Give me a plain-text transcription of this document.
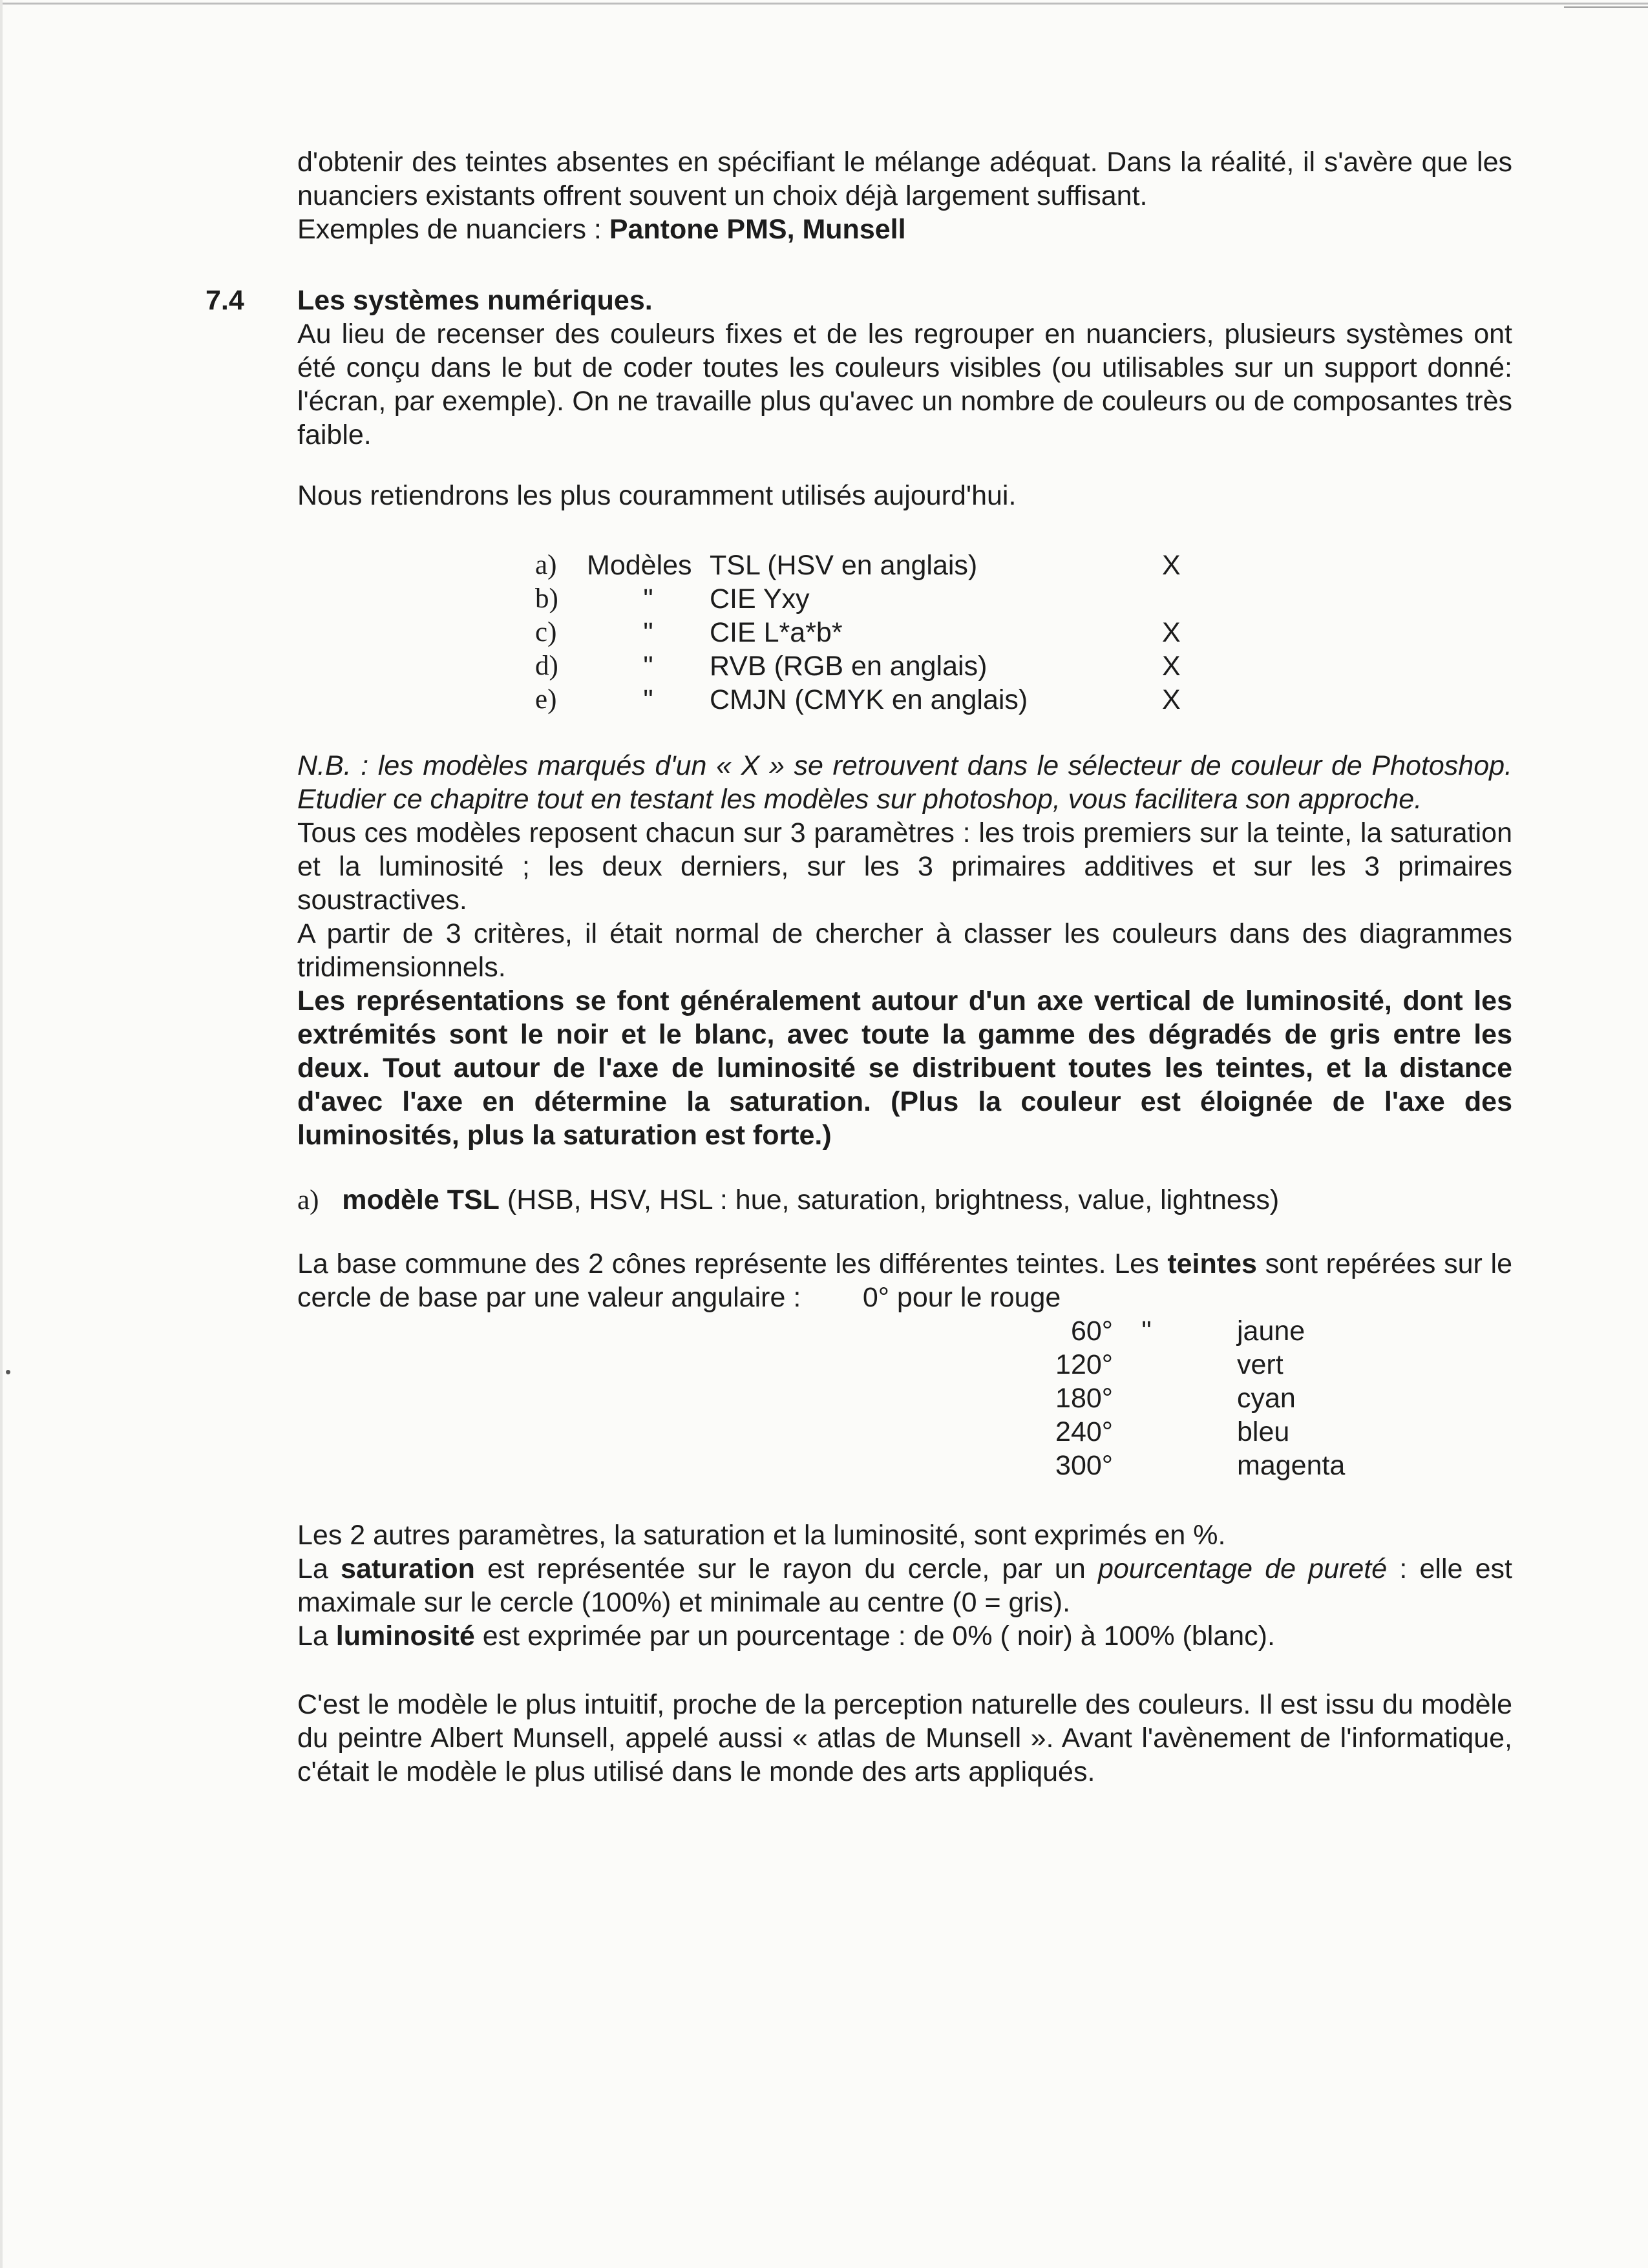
•

d'obtenir des teintes absentes en spécifiant le mélange adéquat. Dans la réalité, il s'avère que les nuanciers existants offrent souvent un choix déjà largement suffisant.
Exemples de nuanciers : Pantone PMS, Munsell

7.4 Les systèmes numériques.

Au lieu de recenser des couleurs fixes et de les regrouper en nuanciers, plusieurs systèmes ont été conçu dans le but de coder toutes les couleurs visibles (ou utilisables sur un support donné: l'écran, par exemple). On ne travaille plus qu'avec un nombre de couleurs ou de composantes très faible.

Nous retiendrons les plus couramment utilisés aujourd'hui.

a)	Modèles	TSL (HSV en anglais)	X
b)	"	CIE Yxy	
c)	"	CIE L*a*b*	X
d)	"	RVB (RGB en anglais)	X
e)	"	CMJN (CMYK en anglais)	X

N.B. : les modèles marqués d'un « X » se retrouvent dans le sélecteur de couleur de Photoshop. Etudier ce chapitre tout en testant les modèles sur photoshop, vous facilitera son approche.

Tous ces modèles reposent chacun sur 3 paramètres : les trois premiers sur la teinte, la saturation et la luminosité ; les deux derniers, sur les 3 primaires additives et sur les 3 primaires soustractives.

A partir de 3 critères, il était normal de chercher à classer les couleurs dans des diagrammes tridimensionnels.

Les représentations se font généralement autour d'un axe vertical de luminosité, dont les extrémités sont le noir et le blanc, avec toute la gamme des dégradés de gris entre les deux. Tout autour de l'axe de luminosité se distribuent toutes les teintes, et la distance d'avec l'axe en détermine la saturation. (Plus la couleur est éloignée de l'axe des luminosités, plus la saturation est forte.)

a) modèle TSL (HSB, HSV, HSL : hue, saturation, brightness, value, lightness)

La base commune des 2 cônes représente les différentes teintes. Les teintes sont repérées sur le cercle de base par une valeur angulaire : 0° pour le rouge

60°	"	jaune
120°		vert
180°		cyan
240°		bleu
300°		magenta

Les 2 autres paramètres, la saturation et la luminosité, sont exprimés en %.

La saturation est représentée sur le rayon du cercle, par un pourcentage de pureté : elle est maximale sur le cercle (100%) et minimale au centre (0 = gris).

La luminosité est exprimée par un pourcentage : de 0% ( noir) à 100% (blanc).

C'est le modèle le plus intuitif, proche de la perception naturelle des couleurs. Il est issu du modèle du peintre Albert Munsell, appelé aussi « atlas de Munsell ». Avant l'avènement de l'informatique, c'était le modèle le plus utilisé dans le monde des arts appliqués.
